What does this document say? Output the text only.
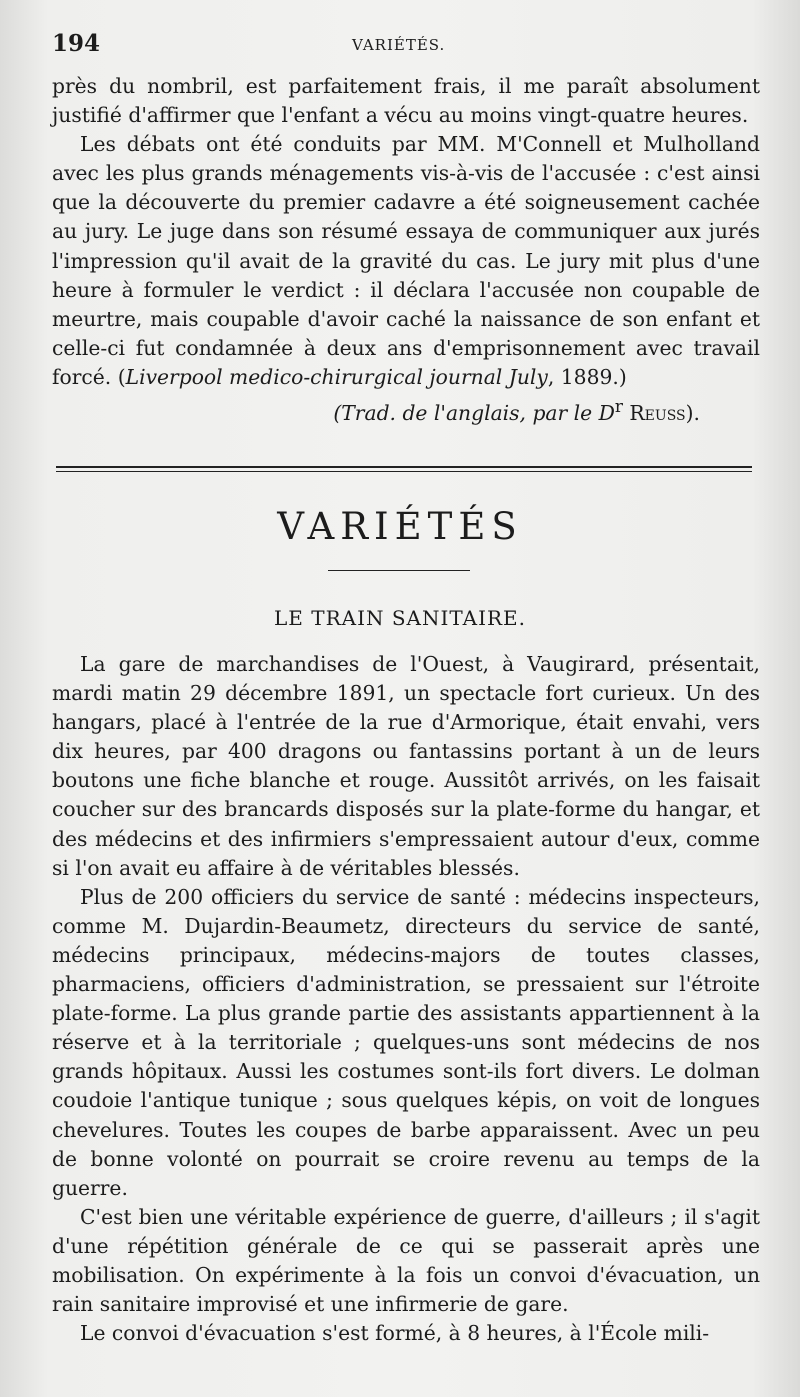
194	VARIÉTÉS.

près du nombril, est parfaitement frais, il me paraît absolument justifié d'affirmer que l'enfant a vécu au moins vingt-quatre heures.

Les débats ont été conduits par MM. M'Connell et Mulholland avec les plus grands ménagements vis-à-vis de l'accusée : c'est ainsi que la découverte du premier cadavre a été soigneusement cachée au jury. Le juge dans son résumé essaya de communiquer aux jurés l'impression qu'il avait de la gravité du cas. Le jury mit plus d'une heure à formuler le verdict : il déclara l'accusée non coupable de meurtre, mais coupable d'avoir caché la naissance de son enfant et celle-ci fut condamnée à deux ans d'emprisonnement avec travail forcé. (Liverpool medico-chirurgical journal July, 1889.)

(Trad. de l'anglais, par le $D^r$ Reuss).

VARIÉTÉS
LE TRAIN SANITAIRE.

La gare de marchandises de l'Ouest, à Vaugirard, présentait, mardi matin 29 décembre 1891, un spectacle fort curieux. Un des hangars, placé à l'entrée de la rue d'Armorique, était envahi, vers dix heures, par 400 dragons ou fantassins portant à un de leurs boutons une fiche blanche et rouge. Aussitôt arrivés, on les faisait coucher sur des brancards disposés sur la plate-forme du hangar, et des médecins et des infirmiers s'empressaient autour d'eux, comme si l'on avait eu affaire à de véritables blessés.

Plus de 200 officiers du service de santé : médecins inspecteurs, comme M. Dujardin-Beaumetz, directeurs du service de santé, médecins principaux, médecins-majors de toutes classes, pharmaciens, officiers d'administration, se pressaient sur l'étroite plate-forme. La plus grande partie des assistants appartiennent à la réserve et à la territoriale ; quelques-uns sont médecins de nos grands hôpitaux. Aussi les costumes sont-ils fort divers. Le dolman coudoie l'antique tunique ; sous quelques képis, on voit de longues chevelures. Toutes les coupes de barbe apparaissent. Avec un peu de bonne volonté on pourrait se croire revenu au temps de la guerre.

C'est bien une véritable expérience de guerre, d'ailleurs ; il s'agit d'une répétition générale de ce qui se passerait après une mobilisation. On expérimente à la fois un convoi d'évacuation, un rain sanitaire improvisé et une infirmerie de gare.

Le convoi d'évacuation s'est formé, à 8 heures, à l'École mili-
